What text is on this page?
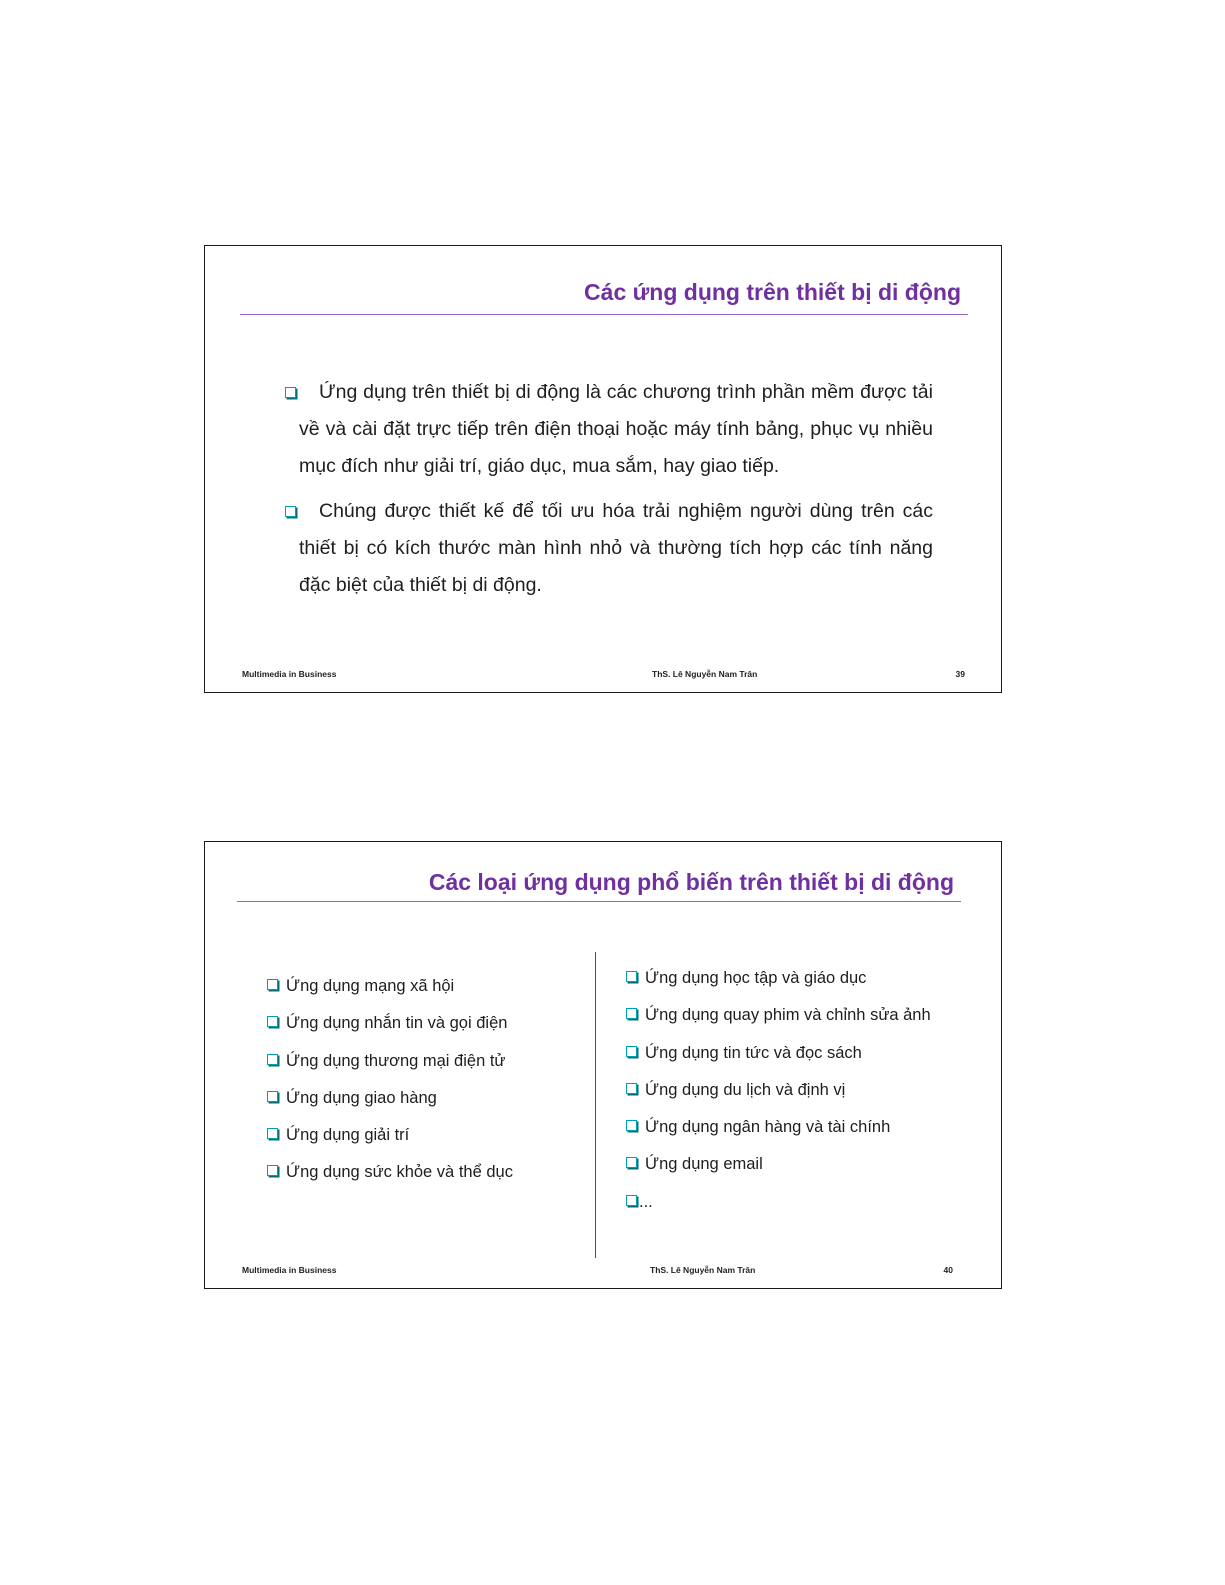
Các ứng dụng trên thiết bị di động
Ứng dụng trên thiết bị di động là các chương trình phần mềm được tải về và cài đặt trực tiếp trên điện thoại hoặc máy tính bảng, phục vụ nhiều mục đích như giải trí, giáo dục, mua sắm, hay giao tiếp.
Chúng được thiết kế để tối ưu hóa trải nghiệm người dùng trên các thiết bị có kích thước màn hình nhỏ và thường tích hợp các tính năng đặc biệt của thiết bị di động.
Multimedia in Business	ThS. Lê Nguyễn Nam Trân	39
Các loại ứng dụng phổ biến trên thiết bị di động
Ứng dụng mạng xã hội
Ứng dụng nhắn tin và gọi điện
Ứng dụng thương mại điện tử
Ứng dụng giao hàng
Ứng dụng giải trí
Ứng dụng sức khỏe và thể dục
Ứng dụng học tập và giáo dục
Ứng dụng quay phim và chỉnh sửa ảnh
Ứng dụng tin tức và đọc sách
Ứng dụng du lịch và định vị
Ứng dụng ngân hàng và tài chính
Ứng dụng email
...
Multimedia in Business	ThS. Lê Nguyễn Nam Trân	40
